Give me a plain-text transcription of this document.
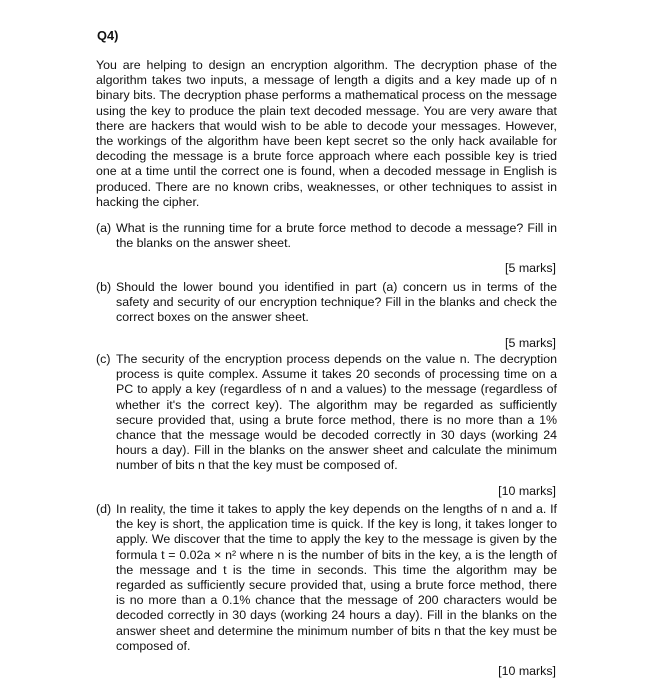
Q4)
You are helping to design an encryption algorithm. The decryption phase of the algorithm takes two inputs, a message of length a digits and a key made up of n binary bits. The decryption phase performs a mathematical process on the message using the key to produce the plain text decoded message. You are very aware that there are hackers that would wish to be able to decode your messages. However, the workings of the algorithm have been kept secret so the only hack available for decoding the message is a brute force approach where each possible key is tried one at a time until the correct one is found, when a decoded message in English is produced. There are no known cribs, weaknesses, or other techniques to assist in hacking the cipher.
(a) What is the running time for a brute force method to decode a message? Fill in the blanks on the answer sheet.
[5 marks]
(b) Should the lower bound you identified in part (a) concern us in terms of the safety and security of our encryption technique? Fill in the blanks and check the correct boxes on the answer sheet.
[5 marks]
(c) The security of the encryption process depends on the value n. The decryption process is quite complex. Assume it takes 20 seconds of processing time on a PC to apply a key (regardless of n and a values) to the message (regardless of whether it's the correct key). The algorithm may be regarded as sufficiently secure provided that, using a brute force method, there is no more than a 1% chance that the message would be decoded correctly in 30 days (working 24 hours a day). Fill in the blanks on the answer sheet and calculate the minimum number of bits n that the key must be composed of.
[10 marks]
(d) In reality, the time it takes to apply the key depends on the lengths of n and a. If the key is short, the application time is quick. If the key is long, it takes longer to apply. We discover that the time to apply the key to the message is given by the formula t = 0.02a × n² where n is the number of bits in the key, a is the length of the message and t is the time in seconds. This time the algorithm may be regarded as sufficiently secure provided that, using a brute force method, there is no more than a 0.1% chance that the message of 200 characters would be decoded correctly in 30 days (working 24 hours a day). Fill in the blanks on the answer sheet and determine the minimum number of bits n that the key must be composed of.
[10 marks]
